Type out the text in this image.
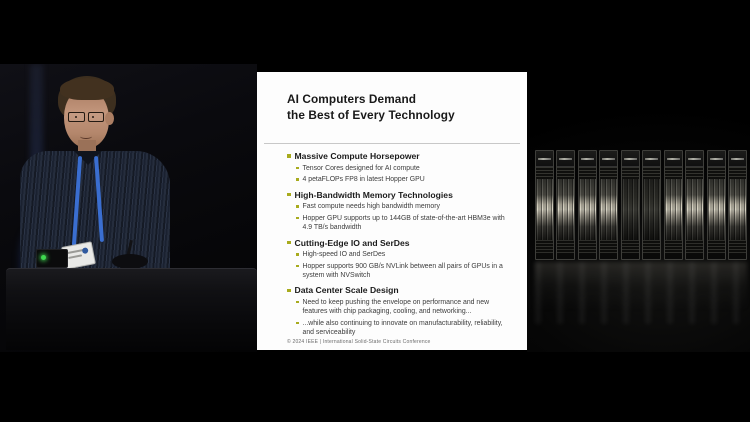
AI Computers Demand
the Best of Every Technology
Massive Compute Horsepower
Tensor Cores designed for AI compute
4 petaFLOPs FP8 in latest Hopper GPU
High-Bandwidth Memory Technologies
Fast compute needs high bandwidth memory
Hopper GPU supports up to 144GB of state-of-the-art HBM3e with 4.9 TB/s bandwidth
Cutting-Edge IO and SerDes
High-speed IO and SerDes
Hopper supports 900 GB/s NVLink between all pairs of GPUs in a system with NVSwitch
Data Center Scale Design
Need to keep pushing the envelope on performance and new features with chip packaging, cooling, and networking...
...while also continuing to innovate on manufacturability, reliability, and serviceability
© 2024 IEEE | International Solid-State Circuits Conference
